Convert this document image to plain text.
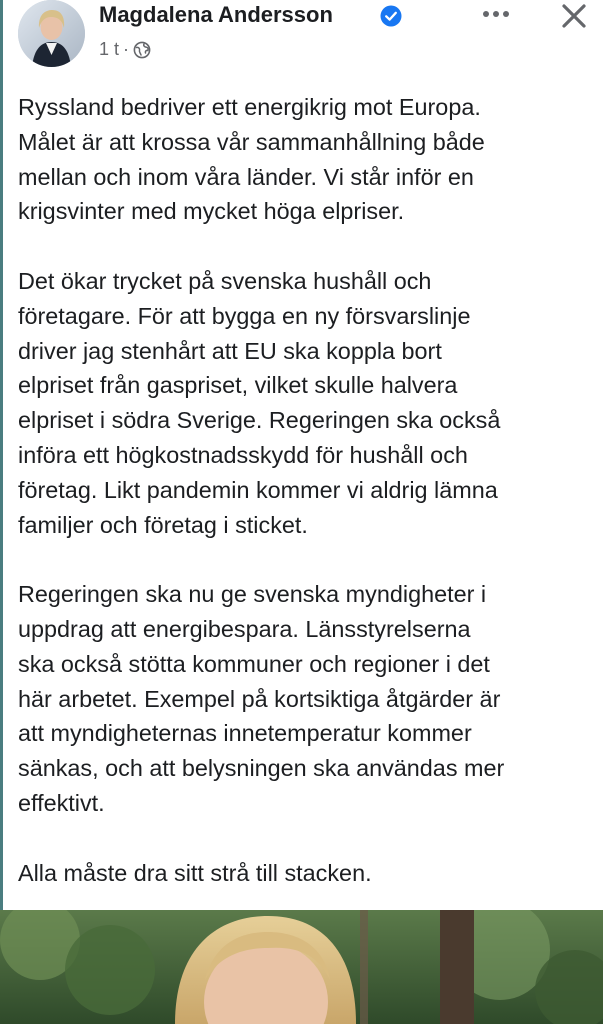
Magdalena Andersson
1 t ·

Ryssland bedriver ett energikrig mot Europa.
Målet är att krossa vår sammanhållning både
mellan och inom våra länder. Vi står inför en
krigsvinter med mycket höga elpriser.

Det ökar trycket på svenska hushåll och
företagare. För att bygga en ny försvarslinje
driver jag stenhårt att EU ska koppla bort
elpriset från gaspriset, vilket skulle halvera
elpriset i södra Sverige. Regeringen ska också
införa ett högkostnadsskydd för hushåll och
företag. Likt pandemin kommer vi aldrig lämna
familjer och företag i sticket.

Regeringen ska nu ge svenska myndigheter i
uppdrag att energibespara. Länsstyrelserna
ska också stötta kommuner och regioner i det
här arbetet. Exempel på kortsiktiga åtgärder är
att myndigheternas innetemperatur kommer
sänkas, och att belysningen ska användas mer
effektivt.

Alla måste dra sitt strå till stacken.
